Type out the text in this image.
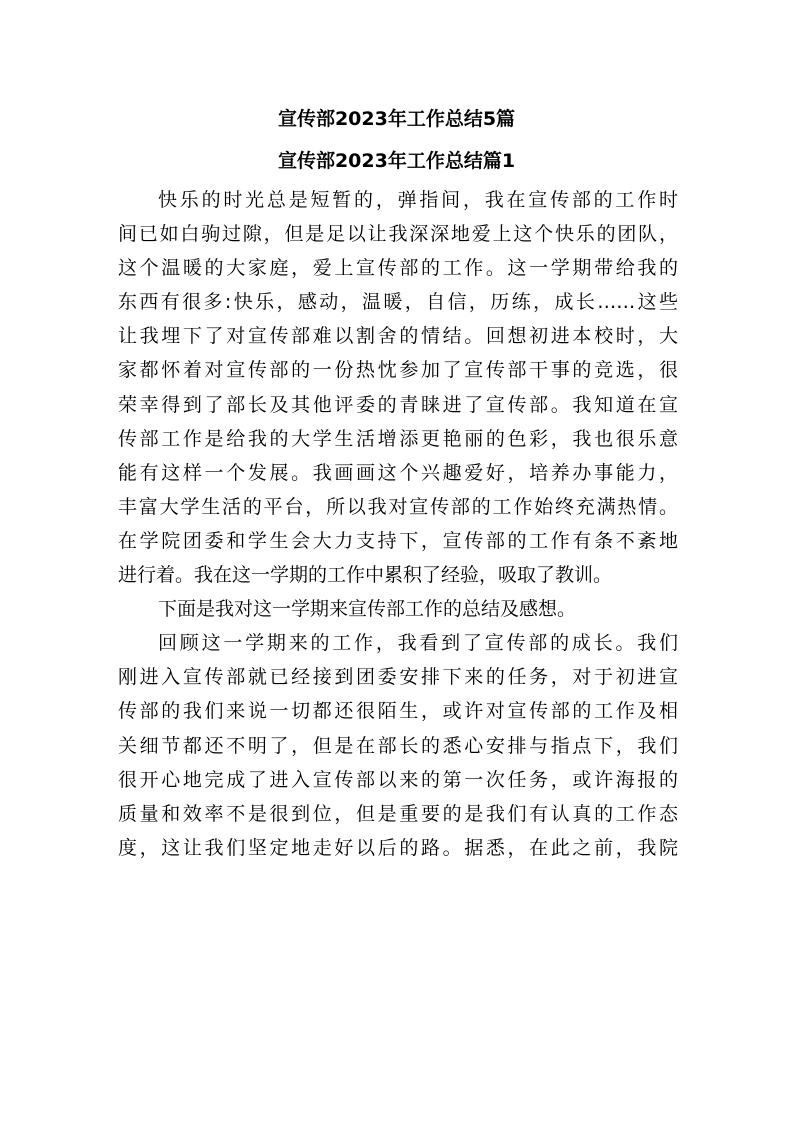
宣传部2023年工作总结5篇
宣传部2023年工作总结篇1
快乐的时光总是短暂的，弹指间，我在宣传部的工作时
间已如白驹过隙，但是足以让我深深地爱上这个快乐的团队，
这个温暖的大家庭，爱上宣传部的工作。这一学期带给我的
东西有很多:快乐，感动，温暖，自信，历练，成长……这些
让我埋下了对宣传部难以割舍的情结。回想初进本校时，大
家都怀着对宣传部的一份热忱参加了宣传部干事的竞选，很
荣幸得到了部长及其他评委的青睐进了宣传部。我知道在宣
传部工作是给我的大学生活增添更艳丽的色彩，我也很乐意
能有这样一个发展。我画画这个兴趣爱好，培养办事能力，
丰富大学生活的平台，所以我对宣传部的工作始终充满热情。
在学院团委和学生会大力支持下，宣传部的工作有条不紊地
进行着。我在这一学期的工作中累积了经验，吸取了教训。
下面是我对这一学期来宣传部工作的总结及感想。
回顾这一学期来的工作，我看到了宣传部的成长。我们
刚进入宣传部就已经接到团委安排下来的任务，对于初进宣
传部的我们来说一切都还很陌生，或许对宣传部的工作及相
关细节都还不明了，但是在部长的悉心安排与指点下，我们
很开心地完成了进入宣传部以来的第一次任务，或许海报的
质量和效率不是很到位，但是重要的是我们有认真的工作态
度，这让我们坚定地走好以后的路。据悉，在此之前，我院
